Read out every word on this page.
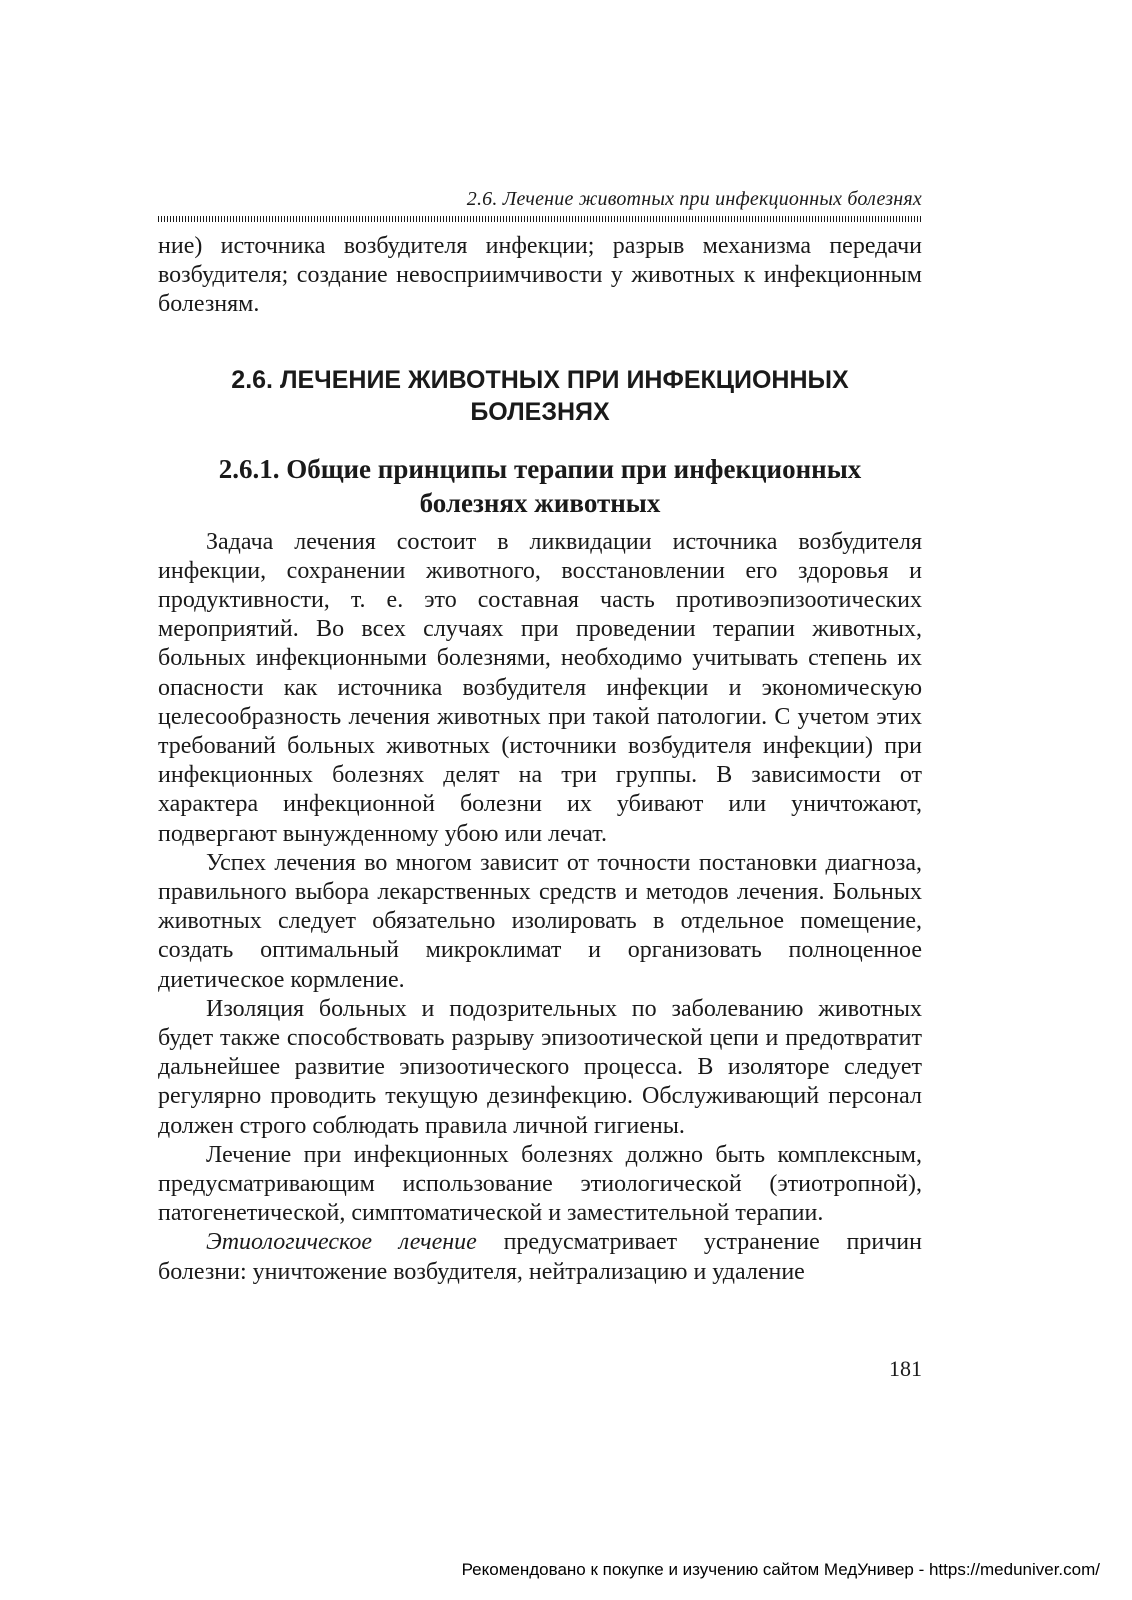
2.6. Лечение животных при инфекционных болезнях

ние) источника возбудителя инфекции; разрыв механизма передачи возбудителя; создание невосприимчивости у животных к инфекционным болезням.

2.6. ЛЕЧЕНИЕ ЖИВОТНЫХ ПРИ ИНФЕКЦИОННЫХ БОЛЕЗНЯХ
2.6.1. Общие принципы терапии при инфекционных болезнях животных

Задача лечения состоит в ликвидации источника возбудителя инфекции, сохранении животного, восстановлении его здоровья и продуктивности, т. е. это составная часть противоэпизоотических мероприятий. Во всех случаях при проведении терапии животных, больных инфекционными болезнями, необходимо учитывать степень их опасности как источника возбудителя инфекции и экономическую целесообразность лечения животных при такой патологии. С учетом этих требований больных животных (источники возбудителя инфекции) при инфекционных болезнях делят на три группы. В зависимости от характера инфекционной болезни их убивают или уничтожают, подвергают вынужденному убою или лечат.

Успех лечения во многом зависит от точности постановки диагноза, правильного выбора лекарственных средств и методов лечения. Больных животных следует обязательно изолировать в отдельное помещение, создать оптимальный микроклимат и организовать полноценное диетическое кормление.

Изоляция больных и подозрительных по заболеванию животных будет также способствовать разрыву эпизоотической цепи и предотвратит дальнейшее развитие эпизоотического процесса. В изоляторе следует регулярно проводить текущую дезинфекцию. Обслуживающий персонал должен строго соблюдать правила личной гигиены.

Лечение при инфекционных болезнях должно быть комплексным, предусматривающим использование этиологической (этиотропной), патогенетической, симптоматической и заместительной терапии.

Этиологическое лечение предусматривает устранение причин болезни: уничтожение возбудителя, нейтрализацию и удаление

181
Рекомендовано к покупке и изучению сайтом МедУнивер - https://meduniver.com/
